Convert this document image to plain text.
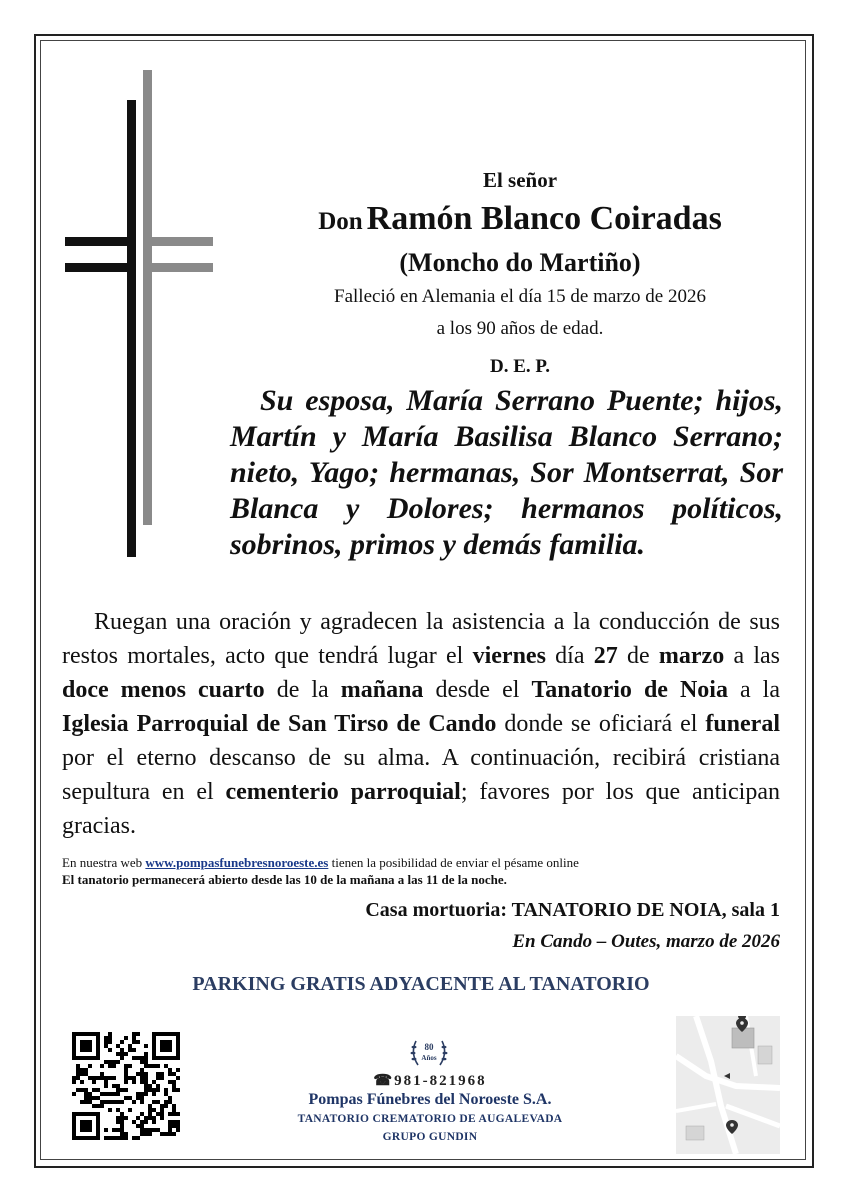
El señor
Don Ramón Blanco Coiradas
(Moncho do Martiño)
Falleció en Alemania el día 15 de marzo de 2026
a los 90 años de edad.
D. E. P.

Su esposa, María Serrano Puente; hijos, Martín y María Basilisa Blanco Serrano; nieto, Yago; hermanas, Sor Montserrat, Sor Blanca y Dolores; hermanos políticos, sobrinos, primos y demás familia.

Ruegan una oración y agradecen la asistencia a la conducción de sus restos mortales, acto que tendrá lugar el viernes día 27 de marzo a las doce menos cuarto de la mañana desde el Tanatorio de Noia a la Iglesia Parroquial de San Tirso de Cando donde se oficiará el funeral por el eterno descanso de su alma. A continuación, recibirá cristiana sepultura en el cementerio parroquial; favores por los que anticipan gracias.

En nuestra web www.pompasfunebresnoroeste.es tienen la posibilidad de enviar el pésame online
El tanatorio permanecerá abierto desde las 10 de la mañana a las 11 de la noche.
Casa mortuoria: TANATORIO DE NOIA, sala 1
En Cando – Outes, marzo de 2026
PARKING GRATIS ADYACENTE AL TANATORIO
80
Años
☎981-821968
Pompas Fúnebres del Noroeste S.A.
TANATORIO CREMATORIO DE AUGALEVADA
GRUPO GUNDIN
